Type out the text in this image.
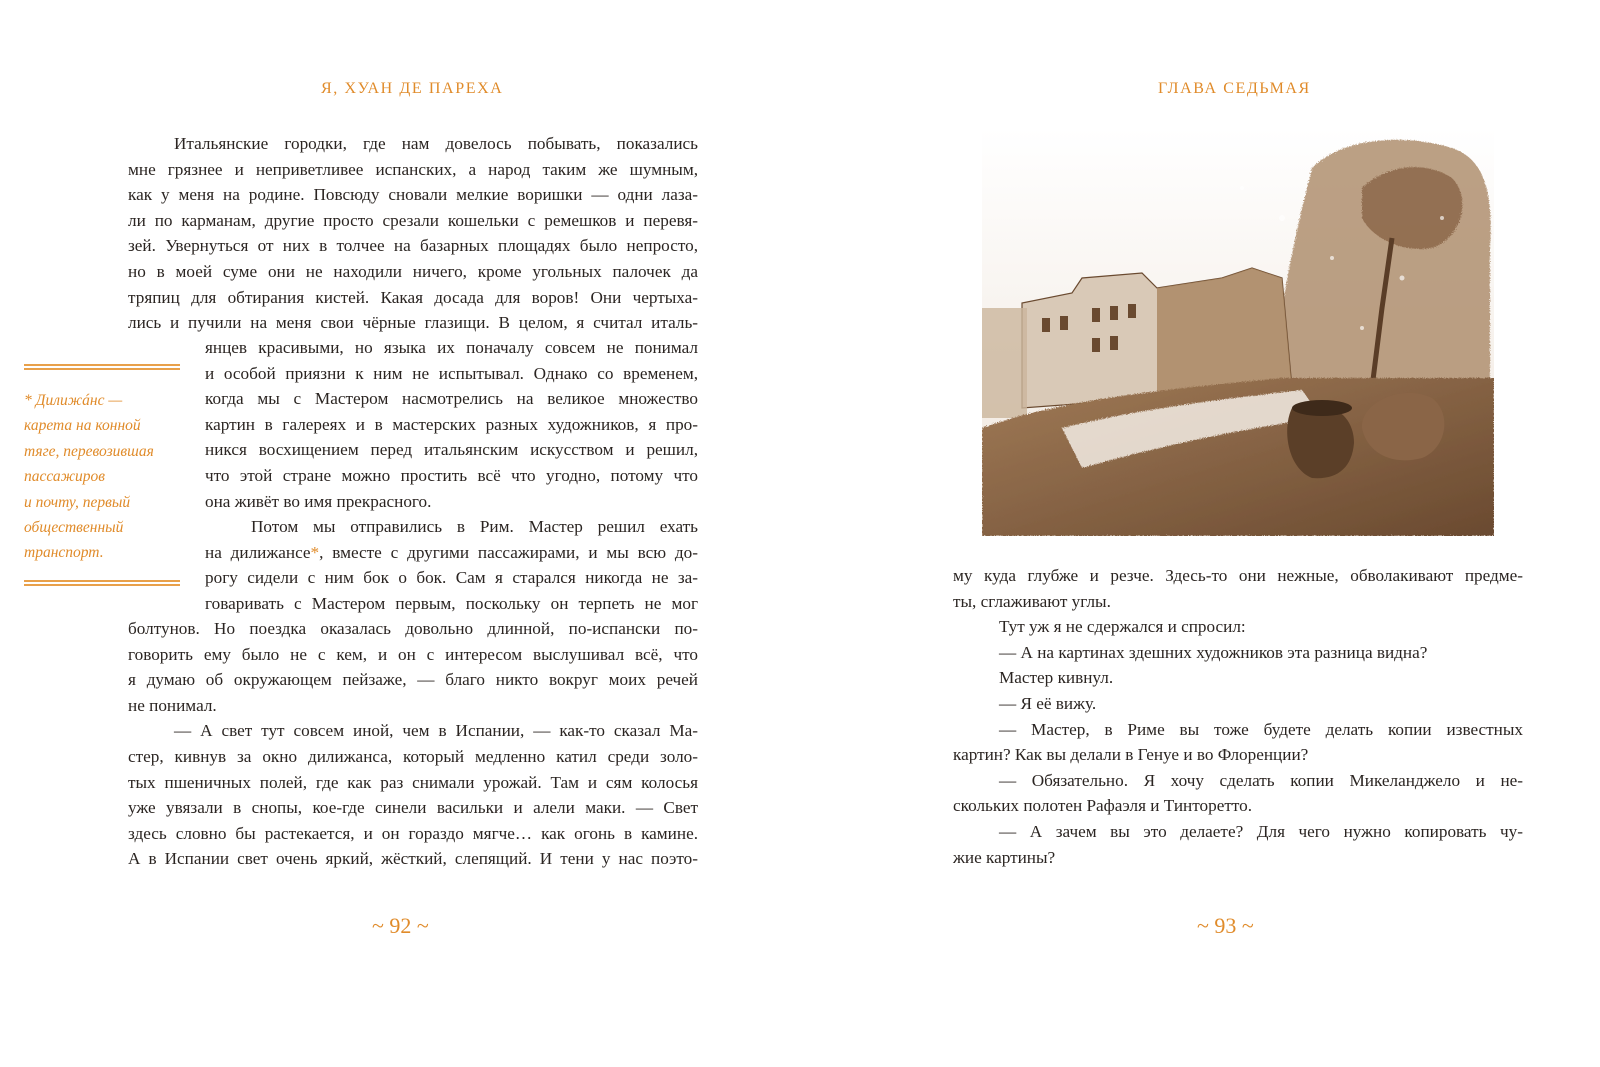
Я, ХУАН ДЕ ПАРЕХА
Итальянские городки, где нам довелось побывать, показались
мне грязнее и неприветливее испанских, а народ таким же шумным,
как у меня на родине. Повсюду сновали мелкие воришки — одни лаза-
ли по карманам, другие просто срезали кошельки с ремешков и перевя-
зей. Увернуться от них в толчее на базарных площадях было непросто,
но в моей суме они не находили ничего, кроме угольных палочек да
тряпиц для обтирания кистей. Какая досада для воров! Они чертыха-
лись и пучили на меня свои чёрные глазищи. В целом, я считал италь-
янцев красивыми, но языка их поначалу совсем не понимал
и особой приязни к ним не испытывал. Однако со временем,
когда мы с Мастером насмотрелись на великое множество
картин в галереях и в мастерских разных художников, я про-
никся восхищением перед итальянским искусством и решил,
что этой стране можно простить всё что угодно, потому что
она живёт во имя прекрасного.
Потом мы отправились в Рим. Мастер решил ехать
на дилижансе*, вместе с другими пассажирами, и мы всю до-
рогу сидели с ним бок о бок. Сам я старался никогда не за-
говаривать с Мастером первым, поскольку он терпеть не мог
болтунов. Но поездка оказалась довольно длинной, по-испански по-
говорить ему было не с кем, и он с интересом выслушивал всё, что
я думаю об окружающем пейзаже, — благо никто вокруг моих речей
не понимал.
— А свет тут совсем иной, чем в Испании, — как-то сказал Ма-
стер, кивнув за окно дилижанса, который медленно катил среди золо-
тых пшеничных полей, где как раз снимали урожай. Там и сям колосья
уже увязали в снопы, кое-где синели васильки и алели маки. — Свет
здесь словно бы растекается, и он гораздо мягче… как огонь в камине.
А в Испании свет очень яркий, жёсткий, слепящий. И тени у нас поэто-
* Дилижáнс —
карета на конной
тяге, перевозившая
пассажиров
и почту, первый
общественный
транспорт.
~ 92 ~
ГЛАВА СЕДЬМАЯ
~ 93 ~
му куда глубже и резче. Здесь-то они нежные, обволакивают предме-
ты, сглаживают углы.
Тут уж я не сдержался и спросил:
— А на картинах здешних художников эта разница видна?
Мастер кивнул.
— Я её вижу.
— Мастер, в Риме вы тоже будете делать копии известных
картин? Как вы делали в Генуе и во Флоренции?
— Обязательно. Я хочу сделать копии Микеланджело и не-
скольких полотен Рафаэля и Тинторетто.
— А зачем вы это делаете? Для чего нужно копировать чу-
жие картины?
